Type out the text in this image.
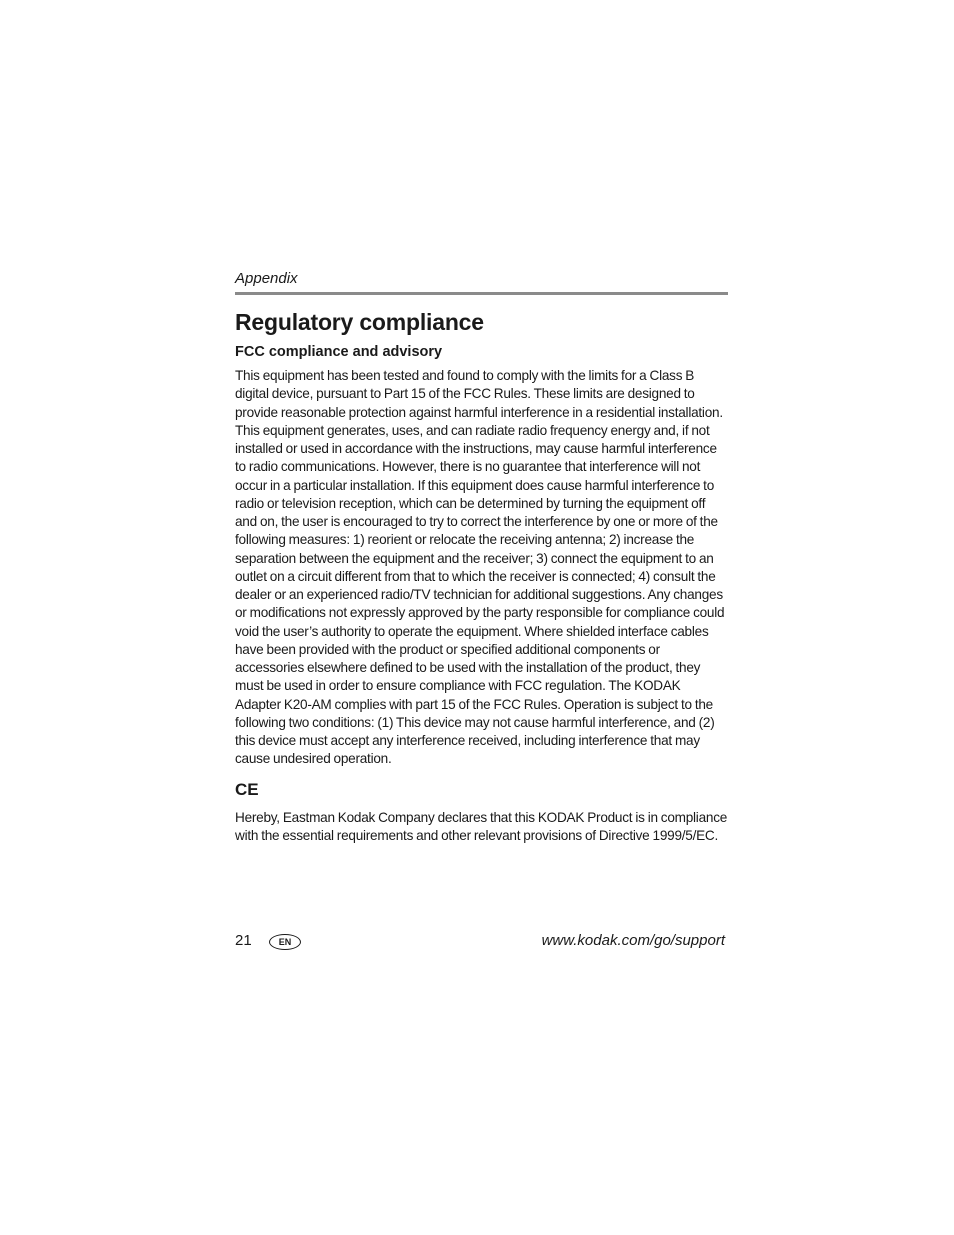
Appendix
Regulatory compliance
FCC compliance and advisory

This equipment has been tested and found to comply with the limits for a Class B digital device, pursuant to Part 15 of the FCC Rules. These limits are designed to provide reasonable protection against harmful interference in a residential installation. This equipment generates, uses, and can radiate radio frequency energy and, if not installed or used in accordance with the instructions, may cause harmful interference to radio communications. However, there is no guarantee that interference will not occur in a particular installation. If this equipment does cause harmful interference to radio or television reception, which can be determined by turning the equipment off and on, the user is encouraged to try to correct the interference by one or more of the following measures: 1) reorient or relocate the receiving antenna; 2) increase the separation between the equipment and the receiver; 3) connect the equipment to an outlet on a circuit different from that to which the receiver is connected; 4) consult the dealer or an experienced radio/TV technician for additional suggestions. Any changes or modifications not expressly approved by the party responsible for compliance could void the user’s authority to operate the equipment. Where shielded interface cables have been provided with the product or specified additional components or accessories elsewhere defined to be used with the installation of the product, they must be used in order to ensure compliance with FCC regulation. The KODAK Adapter K20-AM complies with part 15 of the FCC Rules. Operation is subject to the following two conditions: (1) This device may not cause harmful interference, and (2) this device must accept any interference received, including interference that may cause undesired operation.

CE

Hereby, Eastman Kodak Company declares that this KODAK Product is in compliance with the essential requirements and other relevant provisions of Directive 1999/5/EC.

21	EN	www.kodak.com/go/support
